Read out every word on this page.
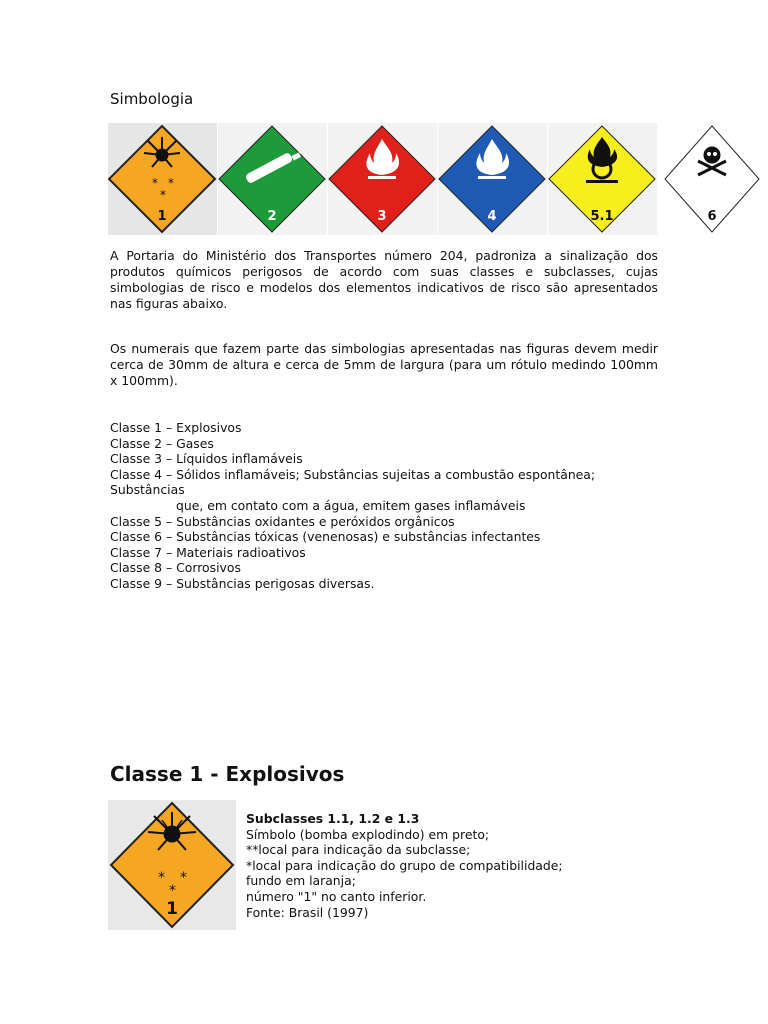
Simbologia
* *
*
1	2	3	4	5.1	6
A Portaria do Ministério dos Transportes número 204, padroniza a sinalização dos produtos químicos perigosos de acordo com suas classes e subclasses, cujas simbologias de risco e modelos dos elementos indicativos de risco são apresentados nas figuras abaixo.
Os numerais que fazem parte das simbologias apresentadas nas figuras devem medir cerca de 30mm de altura e cerca de 5mm de largura (para um rótulo medindo 100mm x 100mm).
Classe 1 – Explosivos
Classe 2 – Gases
Classe 3 – Líquidos inflamáveis
Classe 4 – Sólidos inflamáveis; Substâncias sujeitas a combustão espontânea;
Substâncias
que, em contato com a água, emitem gases inflamáveis
Classe 5 – Substâncias oxidantes e peróxidos orgânicos
Classe 6 – Substâncias tóxicas (venenosas) e substâncias infectantes
Classe 7 – Materiais radioativos
Classe 8 – Corrosivos
Classe 9 – Substâncias perigosas diversas.
Classe 1 - Explosivos
* *
*
1
Subclasses 1.1, 1.2 e 1.3
Símbolo (bomba explodindo) em preto;
**local para indicação da subclasse;
*local para indicação do grupo de compatibilidade;
fundo em laranja;
número "1" no canto inferior.
Fonte: Brasil (1997)
